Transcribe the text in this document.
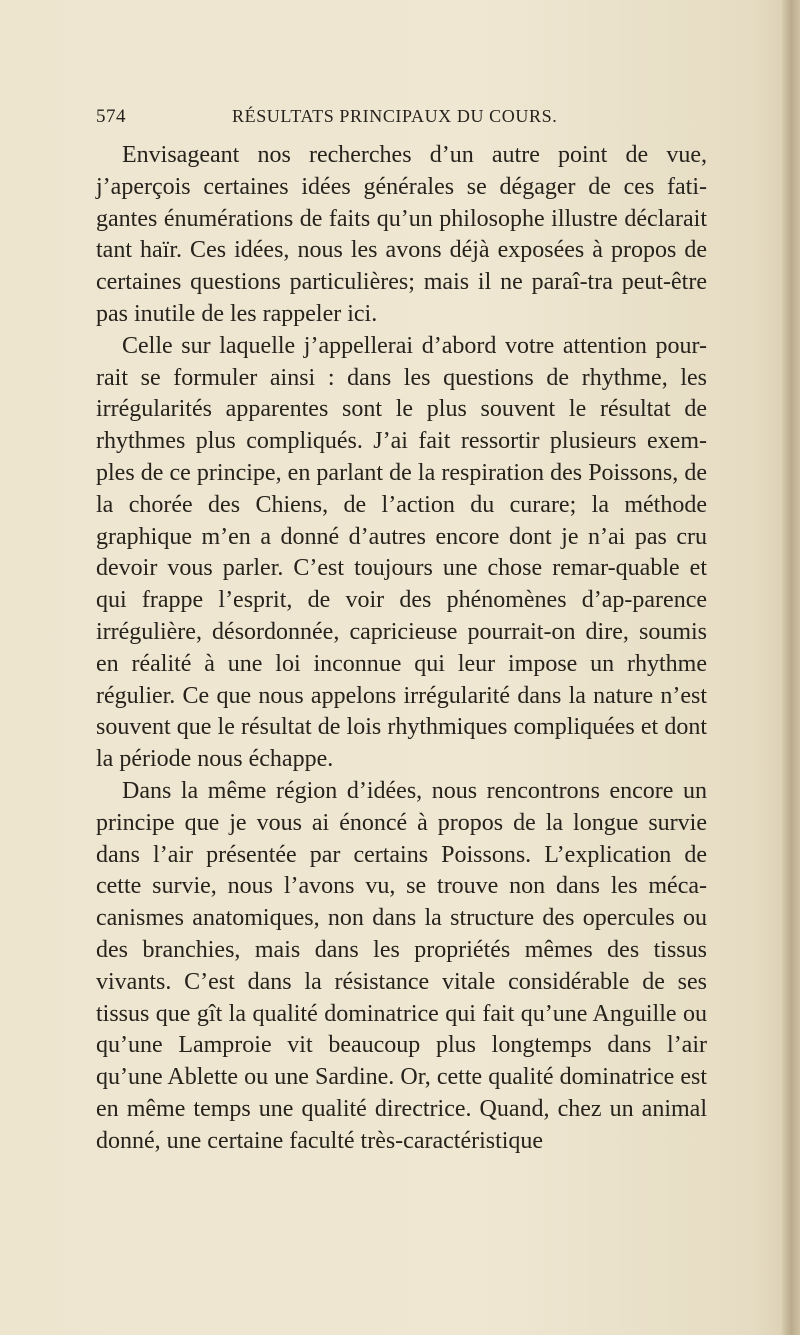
574	RÉSULTATS PRINCIPAUX DU COURS.

Envisageant nos recherches d’un autre point de vue, j’aperçois certaines idées générales se dégager de ces fati-gantes énumérations de faits qu’un philosophe illustre déclarait tant haïr. Ces idées, nous les avons déjà exposées à propos de certaines questions particulières; mais il ne paraî-tra peut-être pas inutile de les rappeler ici.

Celle sur laquelle j’appellerai d’abord votre attention pour-rait se formuler ainsi : dans les questions de rhythme, les irrégularités apparentes sont le plus souvent le résultat de rhythmes plus compliqués. J’ai fait ressortir plusieurs exem-ples de ce principe, en parlant de la respiration des Poissons, de la chorée des Chiens, de l’action du curare; la méthode graphique m’en a donné d’autres encore dont je n’ai pas cru devoir vous parler. C’est toujours une chose remar-quable et qui frappe l’esprit, de voir des phénomènes d’ap-parence irrégulière, désordonnée, capricieuse pourrait-on dire, soumis en réalité à une loi inconnue qui leur impose un rhythme régulier. Ce que nous appelons irrégularité dans la nature n’est souvent que le résultat de lois rhythmiques compliquées et dont la période nous échappe.

Dans la même région d’idées, nous rencontrons encore un principe que je vous ai énoncé à propos de la longue survie dans l’air présentée par certains Poissons. L’explication de cette survie, nous l’avons vu, se trouve non dans les méca-canismes anatomiques, non dans la structure des opercules ou des branchies, mais dans les propriétés mêmes des tissus vivants. C’est dans la résistance vitale considérable de ses tissus que gît la qualité dominatrice qui fait qu’une Anguille ou qu’une Lamproie vit beaucoup plus longtemps dans l’air qu’une Ablette ou une Sardine. Or, cette qualité dominatrice est en même temps une qualité directrice. Quand, chez un animal donné, une certaine faculté très-caractéristique
